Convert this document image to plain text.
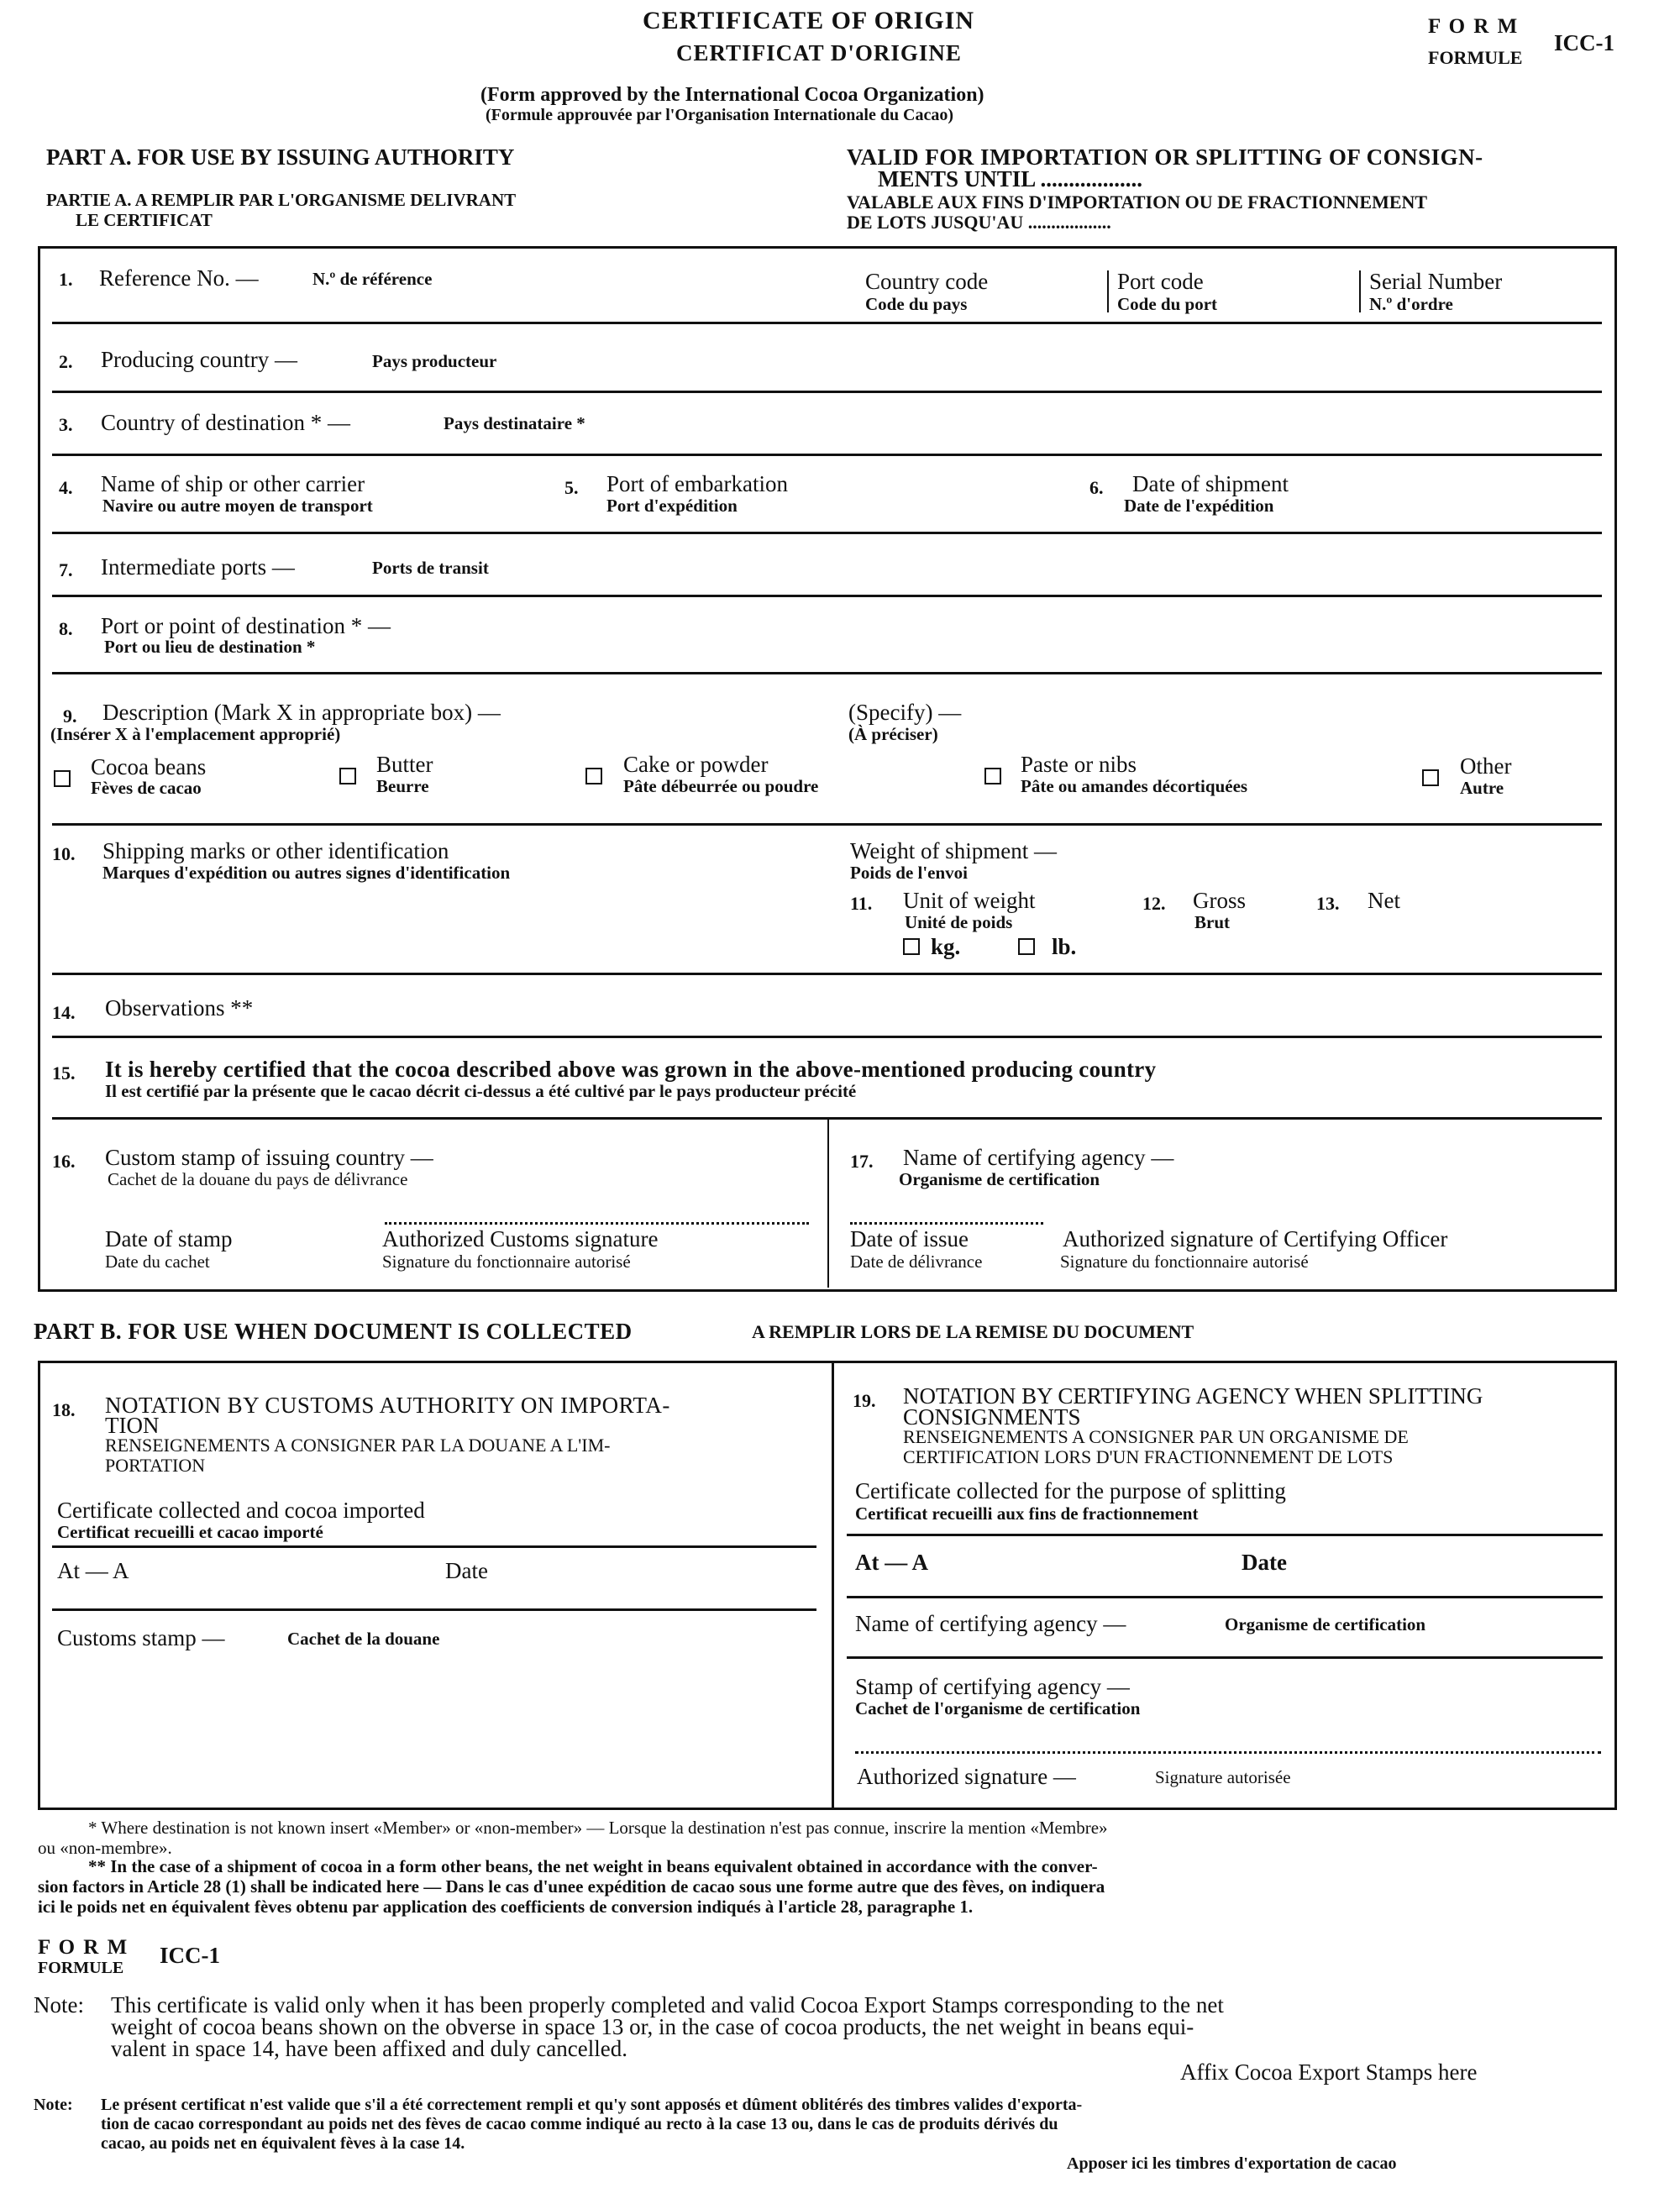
CERTIFICATE OF ORIGIN
CERTIFICAT D'ORIGINE
F O R M
FORMULE
ICC-1
(Form approved by the International Cocoa Organization)
(Formule approuvée par l'Organisation Internationale du Cacao)
PART A. FOR USE BY ISSUING AUTHORITY
PARTIE A. A REMPLIR PAR L'ORGANISME DELIVRANT
LE CERTIFICAT
VALID FOR IMPORTATION OR SPLITTING OF CONSIGN-
MENTS UNTIL ..................
VALABLE AUX FINS D'IMPORTATION OU DE FRACTIONNEMENT
DE LOTS JUSQU'AU ..................
1. Reference No. —	N.º de référence	Country code
Code du pays
Port code
Code du port
Serial Number
N.º d'ordre
2. Producing country —	Pays producteur
3. Country of destination * —	Pays destinataire *
4. Name of ship or other carrier
Navire ou autre moyen de transport
5. Port of embarkation
Port d'expédition
6. Date of shipment
Date de l'expédition
7. Intermediate ports —	Ports de transit
8. Port or point of destination * —
Port ou lieu de destination *
9. Description (Mark X in appropriate box) —
(Insérer X à l'emplacement approprié)
(Specify) —
(À préciser)
Cocoa beans
Fèves de cacao
Butter
Beurre
Cake or powder
Pâte débeurrée ou poudre
Paste or nibs
Pâte ou amandes décortiquées
Other
Autre
10. Shipping marks or other identification
Marques d'expédition ou autres signes d'identification
Weight of shipment —
Poids de l'envoi
11. Unit of weight
Unité de poids
kg.	lb.
12. Gross
Brut
13. Net
14. Observations **
15. It is hereby certified that the cocoa described above was grown in the above-mentioned producing country
Il est certifié par la présente que le cacao décrit ci-dessus a été cultivé par le pays producteur précité
16. Custom stamp of issuing country —
Cachet de la douane du pays de délivrance
Date of stamp
Date du cachet
Authorized Customs signature
Signature du fonctionnaire autorisé
17. Name of certifying agency —
Organisme de certification
Date of issue
Date de délivrance
Authorized signature of Certifying Officer
Signature du fonctionnaire autorisé
PART B. FOR USE WHEN DOCUMENT IS COLLECTED	A REMPLIR LORS DE LA REMISE DU DOCUMENT
18. NOTATION BY CUSTOMS AUTHORITY ON IMPORTA-
TION
RENSEIGNEMENTS A CONSIGNER PAR LA DOUANE A L'IM-
PORTATION
Certificate collected and cocoa imported
Certificat recueilli et cacao importé
At — A	Date
Customs stamp —	Cachet de la douane
19. NOTATION BY CERTIFYING AGENCY WHEN SPLITTING
CONSIGNMENTS
RENSEIGNEMENTS A CONSIGNER PAR UN ORGANISME DE
CERTIFICATION LORS D'UN FRACTIONNEMENT DE LOTS
Certificate collected for the purpose of splitting
Certificat recueilli aux fins de fractionnement
At — A	Date
Name of certifying agency —	Organisme de certification
Stamp of certifying agency —
Cachet de l'organisme de certification
Authorized signature —	Signature autorisée
* Where destination is not known insert «Member» or «non-member» — Lorsque la destination n'est pas connue, inscrire la mention «Membre»
ou «non-membre».
** In the case of a shipment of cocoa in a form other beans, the net weight in beans equivalent obtained in accordance with the conver-
sion factors in Article 28 (1) shall be indicated here — Dans le cas d'unee expédition de cacao sous une forme autre que des fèves, on indiquera
ici le poids net en équivalent fèves obtenu par application des coefficients de conversion indiqués à l'article 28, paragraphe 1.
F O R M
FORMULE ICC-1
Note: This certificate is valid only when it has been properly completed and valid Cocoa Export Stamps corresponding to the net
weight of cocoa beans shown on the obverse in space 13 or, in the case of cocoa products, the net weight in beans equi-
valent in space 14, have been affixed and duly cancelled.
Affix Cocoa Export Stamps here
Note: Le présent certificat n'est valide que s'il a été correctement rempli et qu'y sont apposés et dûment oblitérés des timbres valides d'exporta-
tion de cacao correspondant au poids net des fèves de cacao comme indiqué au recto à la case 13 ou, dans le cas de produits dérivés du
cacao, au poids net en équivalent fèves à la case 14.
Apposer ici les timbres d'exportation de cacao
